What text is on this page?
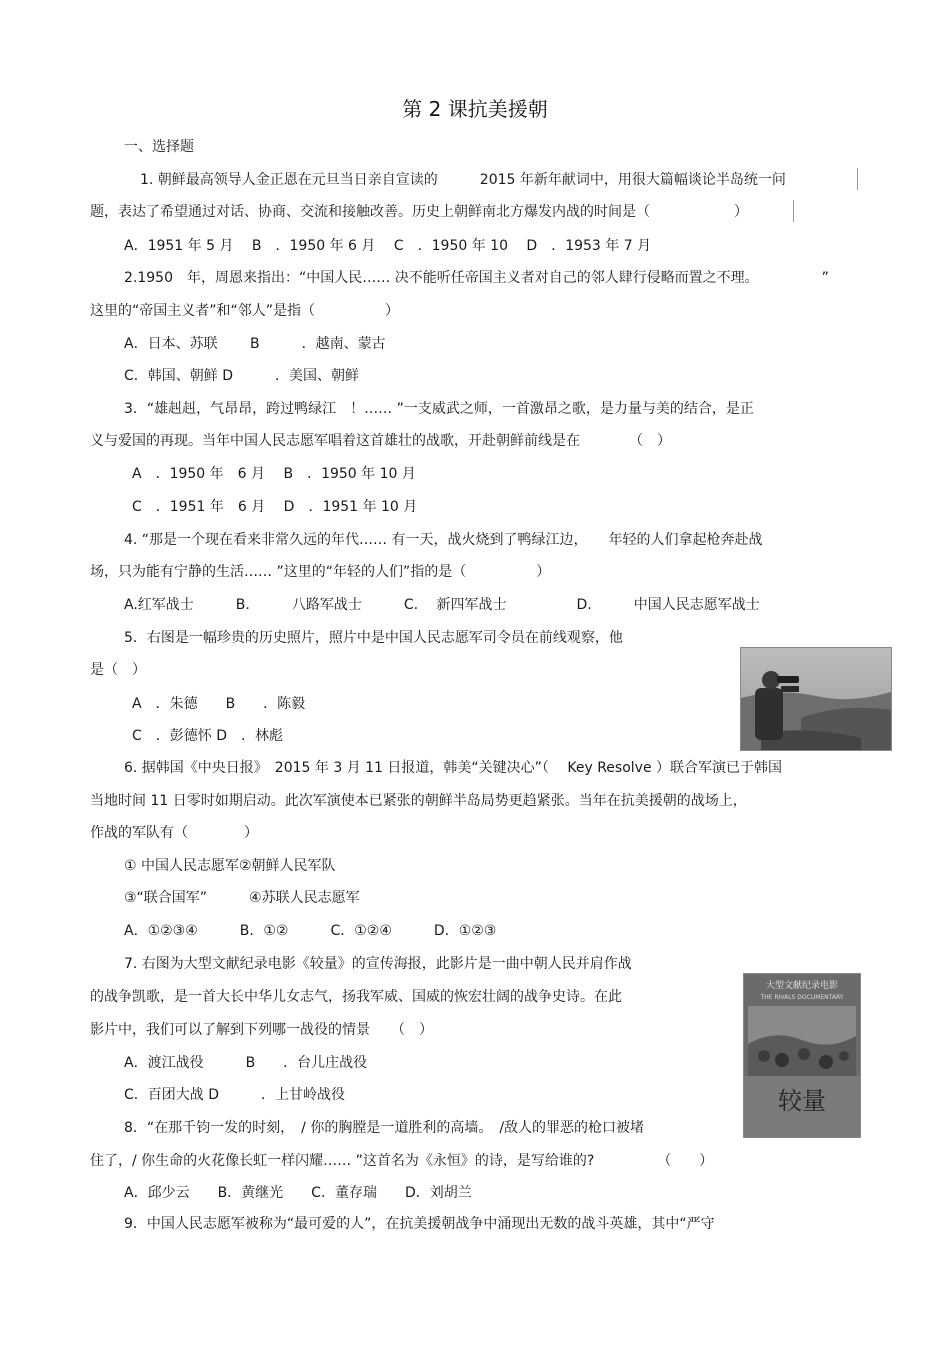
第 2 课抗美援朝
一、选择题
1. 朝鲜最高领导人金正恩在元旦当日亲自宣读的　　　2015 年新年献词中，用很大篇幅谈论半岛统一问
题，表达了希望通过对话、协商、交流和接触改善。历史上朝鲜南北方爆发内战的时间是（　　　　　　）
A．1951 年 5 月　 B　．1950 年 6 月　 C　．1950 年 10　 D　．1953 年 7 月
2.1950　年，周恩来指出：“中国人民…… 决不能听任帝国主义者对自己的邻人肆行侵略而置之不理。　　　　　”
这里的“帝国主义者”和“邻人”是指（　　　　　）
A．日本、苏联　　 B　　　．越南、蒙古
C．韩国、朝鲜 D　　　．美国、朝鲜
3．“雄赳赳，气昂昂，跨过鸭绿江　！…… ”一支威武之师，一首激昂之歌，是力量与美的结合，是正
义与爱国的再现。当年中国人民志愿军唱着这首雄壮的战歌，开赴朝鲜前线是在　　　　（　）
A　．1950 年　6 月　 B　．1950 年 10 月
C　．1951 年　6 月　 D　．1951 年 10 月
4. “那是一个现在看来非常久远的年代…… 有一天，战火烧到了鸭绿江边，　　年轻的人们拿起枪奔赴战
场，只为能有宁静的生活…… ”这里的“年轻的人们”指的是（　　　　　）
A.红军战士　　　B.　　　八路军战士　　　C.　 新四军战士　　　　　D.　　　中国人民志愿军战士
5．右图是一幅珍贵的历史照片，照片中是中国人民志愿军司令员在前线观察，他
是（　）
A　．朱德　　B　　．陈毅
C　．彭德怀 D　．林彪
6. 据韩国《中央日报》　2015 年 3 月 11 日报道，韩美“关键决心”（　 Key Resolve ）联合军演已于韩国
当地时间 11 日零时如期启动。此次军演使本已紧张的朝鲜半岛局势更趋紧张。当年在抗美援朝的战场上，
作战的军队有（　　　　）
① 中国人民志愿军②朝鲜人民军队
③“联合国军”　　　④苏联人民志愿军
A．①②③④　　　B．①②　　　C．①②④　　　D．①②③
7. 右图为大型文献纪录电影《较量》的宣传海报，此影片是一曲中朝人民并肩作战
的战争凯歌，是一首大长中华儿女志气，扬我军威、国威的恢宏壮阔的战争史诗。在此
影片中，我们可以了解到下列哪一战役的情景　　（　）
A．渡江战役　　　B　　．台儿庄战役
C．百团大战 D　　　．上甘岭战役
大型文献纪录电影
THE RIVALS DOCUMENTARY
较量
8．“在那千钧一发的时刻，　/ 你的胸膛是一道胜利的高墙。　/敌人的罪恶的枪口被堵
住了，/ 你生命的火花像长虹一样闪耀…… ”这首名为《永恒》的诗，是写给谁的?　　　　　（　　）
A．邱少云　　B．黄继光　　C．董存瑞　　D．刘胡兰
9．中国人民志愿军被称为“最可爱的人”，在抗美援朝战争中涌现出无数的战斗英雄，其中“严守
